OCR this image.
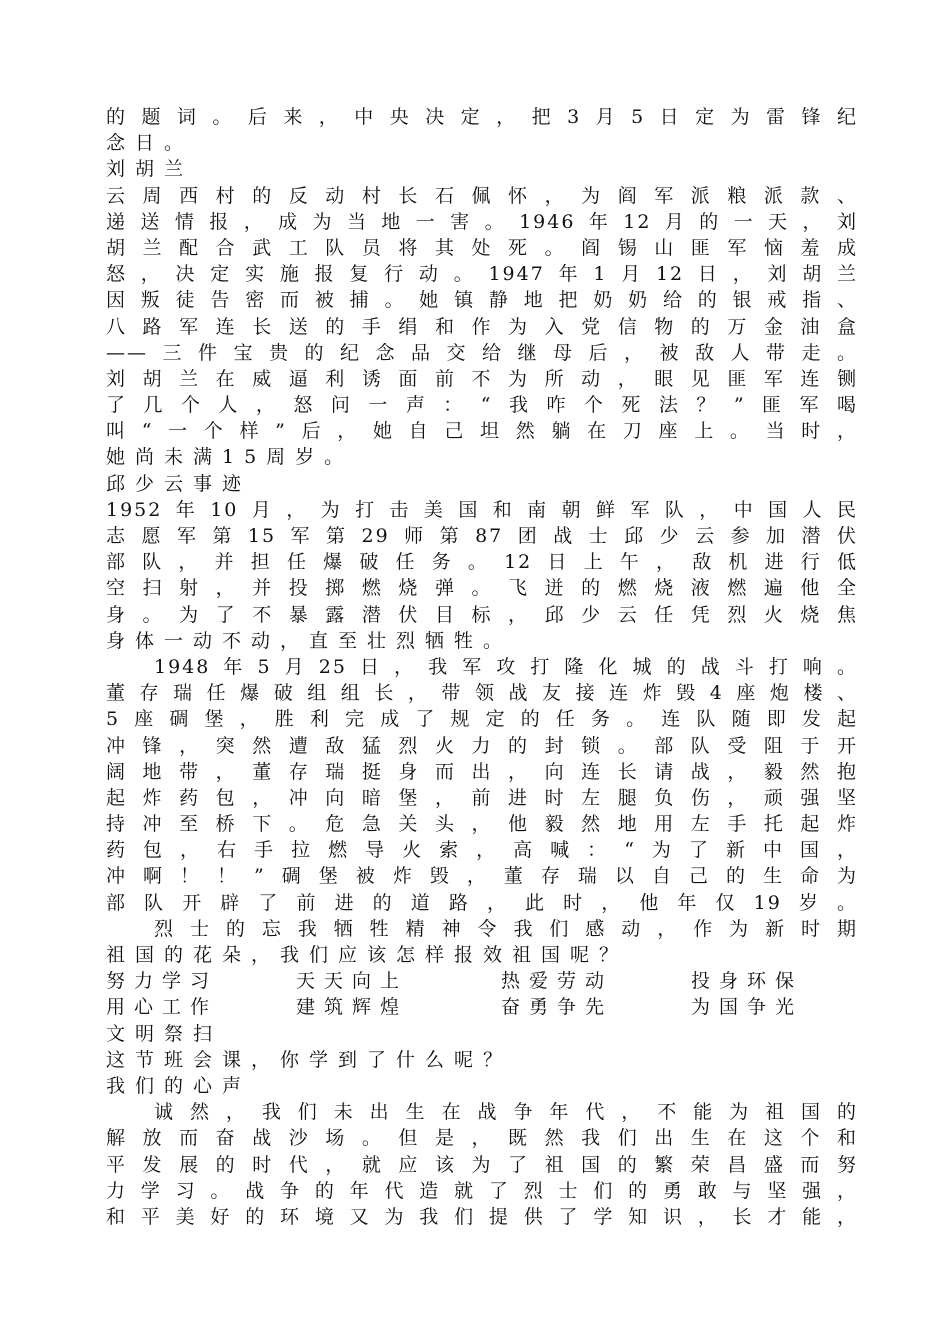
的题词。后来，中央决定，把3月5日定为雷锋纪
念日。
刘胡兰
云周西村的反动村长石佩怀，为阎军派粮派款、
递送情报，成为当地一害。1946年12月的一天，刘
胡兰配合武工队员将其处死。阎锡山匪军恼羞成
怒，决定实施报复行动。1947年1月12日，刘胡兰
因叛徒告密而被捕。她镇静地把奶奶给的银戒指、
八路军连长送的手绢和作为入党信物的万金油盒
——三件宝贵的纪念品交给继母后，被敌人带走。
刘胡兰在威逼利诱面前不为所动，眼见匪军连铡
了几个人，怒问一声：“我咋个死法？”匪军喝
叫“一个样”后，她自己坦然躺在刀座上。当时，
她尚未满15周岁。
邱少云事迹
1952年10月，为打击美国和南朝鲜军队，中国人民
志愿军第15军第29师第87团战士邱少云参加潜伏
部队，并担任爆破任务。12日上午，敌机进行低
空扫射，并投掷燃烧弹。飞迸的燃烧液燃遍他全
身。为了不暴露潜伏目标，邱少云任凭烈火烧焦
身体一动不动，直至壮烈牺牲。
1948年5月25日，我军攻打隆化城的战斗打响。
董存瑞任爆破组组长，带领战友接连炸毁4座炮楼、
5座碉堡，胜利完成了规定的任务。连队随即发起
冲锋，突然遭敌猛烈火力的封锁。部队受阻于开
阔地带，董存瑞挺身而出，向连长请战，毅然抱
起炸药包，冲向暗堡，前进时左腿负伤，顽强坚
持冲至桥下。危急关头，他毅然地用左手托起炸
药包，右手拉燃导火索，高喊：“为了新中国，
冲啊！！”碉堡被炸毁，董存瑞以自己的生命为
部队开辟了前进的道路，此时，他年仅19岁。
烈士的忘我牺牲精神令我们感动，作为新时期
祖国的花朵，我们应该怎样报效祖国呢？
努力学习	天天向上	热爱劳动	投身环保
用心工作	建筑辉煌	奋勇争先	为国争光
文明祭扫
这节班会课，你学到了什么呢？
我们的心声
诚然，我们未出生在战争年代，不能为祖国的
解放而奋战沙场。但是，既然我们出生在这个和
平发展的时代，就应该为了祖国的繁荣昌盛而努
力学习。战争的年代造就了烈士们的勇敢与坚强，
和平美好的环境又为我们提供了学知识，长才能，
